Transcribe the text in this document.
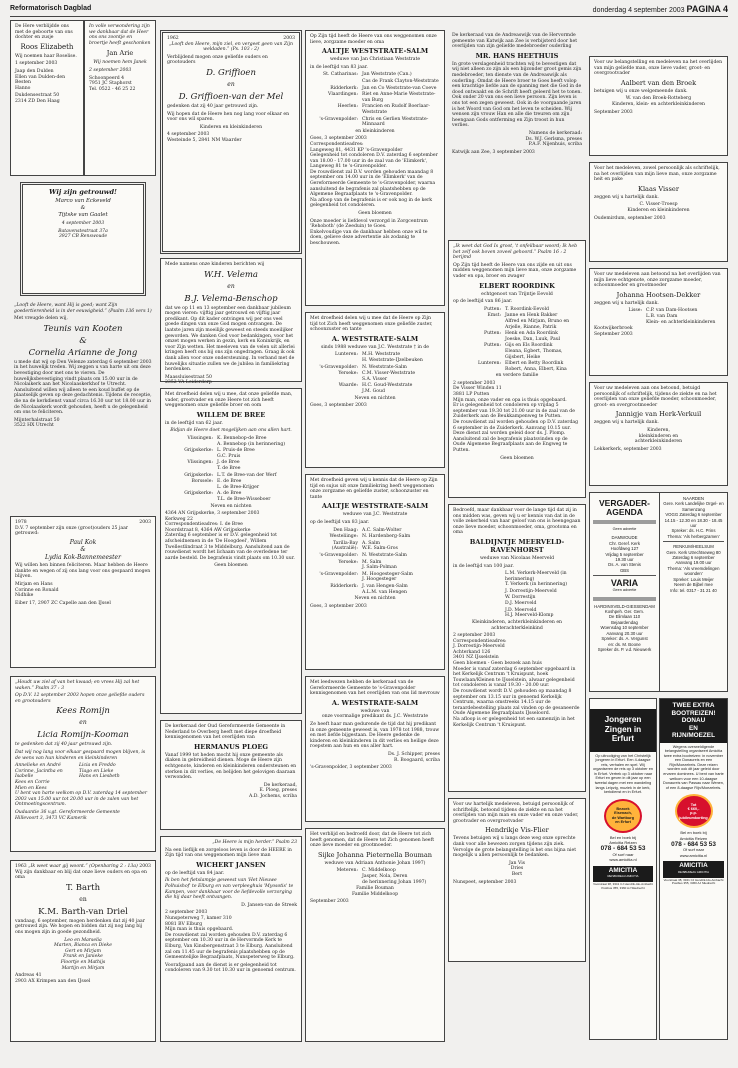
Reformatorisch Dagblad	donderdag 4 september 2003 PAGINA 4

De Here verblijdde ons met de geboorte van ons dochter en zusje

Roos Elizabeth

Wij noemen haar Roselise.

1 september 2003

Jaap den Dulden
Ellen van Dulden-den Besten
Hanno

Dukdensestraat 50
2314 ZD Den Haag

In volle verwondering zijn we dankbaar dat de Heer ons ons zoontje en broertje heeft geschonken

Jan Arie

Wij noemen hem Janek

2 september 2003

Schoonpeerd 4
7951 JC Staphorst
Tel. 0522 - 46 25 22

Wij zijn getrouwd!

Marco van Eckeveld
&
Tijtske van Gaalet

4 september 2003

Batavenstestraat 37a
3927 CB Renswoude

„Looft de Heere, want Hij is goed; want Zijn goedertierenheid is in der eeuwigheid.” (Psalm 136 vers 1)

Met vreugde delen wij,

Teunis van Kooten

&

Cornelia Arianne de Jong

u mede dat wij op Den Velenze zaterdag 6 september 2003 in het huwelijk treden. Wij zeggen u van harte uit om deze bevestiging door met ons te vieren. De huwelijksbevestiging vindt plaats om 15.00 uur in de Nicolaikerk aan het Nicolaaskerkhof te Utrecht. Aansluitend willen wij alleen te een koud buffet op de plaatselijk geven op deze gedachtenis. Tijdens de receptie, die na de kerkdienst vanaf circa 16.30 uur tot 18.00 uur in de Nicolaaskerk wordt gehouden, heeft u de gelegenheid om ons te feliciteren.

Mijnterhalstraat 50
3522 HX Utrecht

1978	2003

D.V. 7 september zijn onze (groot)ouders 25 jaar getrouwd:

Paul Kok
&
Lydia Kok-Bannemeester

Wij willen hen binnen feliciteren. Maar hebben de Heere dankte en wegen of zij ons lang voor ons gespaard mogen blijven.

Mirjam en Hans
Corinne en Ronald
Nidhike

Eiber 17, 2907 ZC Capelle aan den IJssel

„Houdt uw ziel af van het kwaad; en vrees Hij zal het waken.” Psalm 37 : 3

Op D.V. 12 september 2003 hopen onze geliefde ouders en grootouders

Kees Romijn

en

Licia Romijn-Kooman

te gedenken dat zij 40 jaar getrouwd zijn.

Dat wij nog lang voor elkaar gespaard mogen blijven, is de wens van hun kinderen en kleinkinderen

Annelieke en André
Corinne, Jacintha en Isabelle
Kees en Corrie
Mien en Kees
Licia en Freddo
Tiago en Lieke
Hans en Liesbeth

U bent van harte welkom op D.V. zaterdag 14 september 2003 van 15.00 uur tot 20.00 uur in de zalen van het Ontmoetingscentrum.

Oudaantie 36 v.gt. Gereformeerde Gemeente
Hillevoort 3, 3473 VC Kamerik

1963 „Ik weet waar gij woont.” (Openbaring 2 : 13a) 2003

Wij zijn dankbaar en blij dat onze lieve ouders en opa en oma

T. Barth

en

K.M. Barth-van Driel

vandaag, 6 september, mogen herdenken dat zij 40 jaar getrouwd zijn. We hopen en bidden dat zij nog lang bij ons mogen zijn in goede gezondheid.

Leo en Marselia
Marten, Bianca en Dieke
Gert en Mirjam
Frank en Janieke
Floortje en Mathijs
Martijn en Mirjam

Andreas 41
2903 AX Krimpen aan den IJssel

1962	2003

„Looft den Heere, mijn ziel, en vergeet geen van Zijn weldaden.” (Ps. 103 : 2)

Verblijdend mogen onze geliefde ouders en grootouders

D. Griffioen

en

D. Griffioen-van der Mel

gedenken dat zij 40 jaar getrouwd zijn.

Wij hopen dat de Heere hen nog lang voor elkaar en voor ons wil sparen.

Kinderen en kleinkinderen

4 september 2003
Westeinde 5, 2841 NM Waarder

Mede namens onze kinderen berichten wij

W.H. Velema

en

B.J. Velema-Benschop

dat we op 11 en 13 september een dankbaar jubileum mogen vieren: vijftig jaar getrouwd en vijftig jaar predikant. Op dit kader ontvingen wij per ons veel goede dingen van onze God mogen ontvangen. De laatste jaren zijn moeilijk geweest en steeds moeilijker geworden. We danken God voor bedankingen, voor het omzet mogen werken in gezin, kerk en Koninkrijk, en voor Zijn wetten. Het meeleven van de velen uit allerlei kringen heeft ons bij ons zijn ongedragen. Graag ik ook dank allen voor onze ondersteuning. In verband met de huwelijks situatie zullen we de jubilea in familiekring herdenken.

Maassluisestraat 50
2352 VA Leiderdorp

Met droefheid delen wij u mee, dat onze geliefde man, vader, grootvader en onze Heere tot zich heeft weggenomen onze geliefde broer en oom

WILLEM DE BREE

in de leeftijd van 62 jaar.

Bidjan de Heere doet mogelijken aan ons allen hart.

Vlissingen: K. Bennebop-de Bree
A. Bennebop (in herinnering)
Grijpskerke: L. Pruis-de Bree
G.C. Pruis
Vlissingen: J. de Bree
T. de Bree
Grijpskerke: L.T. de Bree-van der Werf
Borssele: E. de Bree
L. de Bree-Krijger
Grijpskerke: A. de Bree
T.L. de Bree-Wisseboer

Neven en nichten

4364 AN Grijpskerke, 3 september 2003
Kerkweg 22
Correspondentieadres: I. de Bree
Noordstraat 8, 4364 AW Grijpskerke
Zaterdag 6 september is er D.V. gelegenheid tot afscheidnemen in de 'De Hoogdeel', Willem Twellestlindraat 3 te Middelburg. Aansluitend aan de rouwdienst wordt het lichaam van de overledene ter aarde besteld. De begrafenis vindt plaats om 10.30 uur.

Geen bloemen

De kerkeraad der Oud Gereformeerde Gemeente in Nederland te Overberg heeft met diepe droefheid kennisgenomen van het overlijden van

HERMANUS PLOEG

Vanaf 1999 tot heden mocht hij onze gemeente als diaken in gebreidheid dienen. Moge de Heere zijn echtgenote, kinderen en kleinkinderen ondersteunen en sterken in dit verlies, en belijden het gelovigen daaraan verwonden.

De kerkeraad,
E. Ploeg, preses
A.D. Jochems, scriba

„De Heere is mijn herder.” Psalm 23

Na een lieflijk en zorgeloos leven is door de HEERE in Zijn tijd van ons weggenomen mijn lieve man

WICHERT JANSEN

op de leeftijd van 84 jaar.

Ik ben het fietslampje geweest van 'Het Nieuwe Polhuishof' te Elburg en van verpleeghuis 'Myosotis' te Kampen, voor dankbaar voor de liefdevolle verzorging die hij daar heeft ontvangen.

D. Jansen-van de Streek

2 september 2003
Nunspeterweg 7, kamer 310
8081 BV Elburg
Mijn man is thuis opgebaard.
De rouwdienst zal worden gehouden D.V. zaterdag 6 september om 10.30 uur in de Hervormde Kerk te Elburg, Van Kinsbergenstraat 3 te Elburg. Aansluitend zal om 11.45 uur de begrafenis plaatshebben op de Gemeentelijke Begraafplaats, Nunspeterweg te Elburg.

Voorafgaand aan de dienst is er gelegenheid tot condoleren van 9.30 tot 10.30 uur in genoemd centrum.

Op Zijn tijd heeft de Heere van ons weggenomen onze lieve, zorgzame moeder en oma

AALTJE WESTSTRATE-SALM

weduwe van Jan Christiaan Weststrate

in de leeftijd van 83 jaar.

St. Catharinas: Jan Weststrate (Can.)
Cas de Frank Clayton-Weststrate
Ridderkerk: Jan en Co Weststrate-van Coeve
Vlaardingen: Riet en Anne-Marie Weststrate-van Burg
Heerlen: Francien en Rudolf Boerlaar-Weststrate
's-Gravenpolder: Chris en Gerlien Weststrate-Minnaard

en kleinkinderen

Goes, 3 september 2003
Correspondentieadres:
Langeweg 81, 4431 KP 's-Gravenpolder
Gelegenheid tot condoleren D.V. zaterdag 6 september van 18.00 - 17.00 uur in de zaal van de 'Elimkerk', Langeweg 81 te 's-Gravenpolder.
De rouwdienst zal D.V. worden gehouden maandag 8 september om 14.00 uur in de 'Elimkerk' van de Gereformeerde Gemeente te 's-Gravenpolder, waarna aansluitend de begrafenis zal plaatshebben op de Algemene Begraafplaats te 's-Gravenpolder.
Na afloop van de begrafenis is er ook nog in de kerk gelegenheid tot condoleren.

Geen bloemen

Onze moeder is liefdevol verzorgd in Zorgcentrum 'Rehoboth' (de Zeeduin) te Goes.
Enkelvoudige van de dankbaar hebben onze wil te doen, gelieve deze advertentie als zodanig te beschouwen.

Met droefheid delen wij u mee dat de Heere op Zijn tijd tot Zich heeft weggenomen onze geliefde zuster, schoonzuster en tante

A. WESTSTRATE-SALM

sinds 1988 weduwe van J.C. Weststrate † in de

Lunteren: M.H. Weststrate
H. Weststrate-IJzelbeuken
's-Gravenpolder: N. Weststrate-Salm
Yerseke: C.M. Visser-Weststrate
S.A. Visser
Waarde: H.C. Goud-Weststrate
J.M. Goud

Neven en nichten

Goes, 3 september 2003

Met droefheid geven wij u kennis dat de Heere op Zijn tijd en sujus uit onze familiekring heeft weggenomen onze zorgzame en geliefde zuster, schoonzuster en tante

AALTJE WESTSTRATE-SALM

weduwe van J.C. Weststrate

op de leeftijd van 83 jaar.

Den Haag: A.C. Salm-Wolter
Westeliinge: N. Hardenberg-Salm
Tarilla-Bay (Australië):
A. Salm
W.E. Salm-Gros
's-Gravenpolder: N. Weststrate-Salm
Yerseke: M. Salm
J. Salm-Polman
's-Gravenpolder: M. Hoogesteger-Salm
J. Hoogesteger
Ridderkerk: J. van Hengen-Salm
A.L.M. van Hengen

Neven en nichten

Goes, 3 september 2003

Met leedwezen hebben de kerkeraad van de Gereformeerde Gemeente te 's-Gravenpolder kennisgenomen van het overlijden van ons lid mevrouw

A. WESTSTRATE-SALM

weduwe van
onze voormalige predikant ds. J.C. Weststrate

Ze heeft haar man gedurende de tijd dat hij predikant in onze gemeente geweest is, van 1978 tot 1988, trouw en met liefde bijgestaan. De Heere gedenke de kinderen en kleinkinderen in dit verlies en heilige deze roepstem aan hun en ons aller hart.

Ds. J. Schipper, preses
R. Boogaard, scriba

's-Gravenpolder, 3 september 2003

Het verblijd en bedroefd door, dat de Heere tot zich heeft genomen, dat de Heere tot Zich genomen heeft onze lieve moeder en grootmoeder.

Sijke Johanna Pieternella Bouman

weduwe van Adriaan Anthonie Johan 1997)

Meteren: C. Middelkoop
Jasper, Nola, Deren
de herinnering Johan 1997)

Familie Bouman
Familie Middelkoop

September 2003

De kerkeraad van de Andreaswijk van de Hervormde gemeente van Katwijk aan Zee is verbijsterd door het overlijden van zijn geliefde medebroeder ouderling

MR. HANS HEETHUIS

In grote verslagenheid trachten wij te bevestigen dat wij niet alleen zo zijn als een bijzonder groot gemis zijn medebroeder, ten dienste van de Andreaswijk als ouderling. Omdat de Heere broer te Goes heeft volop een krachtige liefde aan de spanning met die God in de dood ontwaakt en de Schrift heeft geleerd het te tonen. Ook onder 20 van ons een lieve persoon. Zijn leven is ons tot een zegen geweest. Ook in de voorgaande jaren is het Woord van God om het leven te scheiden. Wij wensen zijn vrouw Han en alle die treuren om zijn heengaan Gods ontferming en Zijn troost in hun verlies.

Namens de kerkeraad:
Ds. W.J. Gerlsma, preses
P.A.F. Nijenhuis, scriba

Katwijk aan Zee, 3 september 2003

„Ik weet dat God Is groot, 't onfeilbaar woord; Ik heb het zelf ook boven zoveel gehoord.” Psalm 16 : 2 berijmd

Op Zijn tijd heeft de Heere van ons zijde en uit ons midden weggenomen mijn lieve man, onze zorgzame vader en opa, broer en zwager

ELBERT ROORDINK

echtgenoot van Trijntje Eevold

op de leeftijd van 86 jaar.

Putten: T. Roordink-Eevold
Emst: Janne en Henk Bakker
Alfred en Mirjam, Bruno en Arjelle, Rianne, Patrik
Putten: Henk en Ada Roordink
Joeske, Dan, Luuk, Paul
Putten: Gijs en Els Roordink
Eleana, Egbert, Thomas, Gijsbert, Heike
Lunteren: Elbert en Betty Roordink
Robert, Anna, Elbert, Kina

en verdere familie

2 september 2003
De Visser Winden 11
3881 LP Putten
Mijn man, onze vader en opa is thuis opgebaard.
Er is gelegenheid tot condoleren op vrijdag 5 september van 19.30 tot 21.00 uur in de zaal van de Zuiderkerk aan de Beukkampenweg te Putten.
De rouwdienst zal worden gehouden op D.V. zaterdag 6 september in de Zuiderkerk. Aanvang 10.15 uur. Deze dienst zal worden geleid door ds. J. Plomp. Aansluitend zal de begrafenis plaatsvinden op de Oude Algemene Begraafplaats aan de Engweg te Putten.

Geen bloemen

Bedroefd, maar dankbaar voor de lange tijd dat zij in ons midden was, geven wij u er kennis van dat in de volle zekerheid van haar geloof van ons is heengegaan onze lieve moeder, schoonmoeder, oma, grootoma en oma

BALDIJNTJE MEERVELD-RAVENHORST

weduwe van Nicolaas Meerveld

in de leeftijd van 100 jaar.

L.M. Verkerk-Meerveld (in herinnering)
T. Verkerk (in herinnering)
J. Dorrestijn-Meerveld
W. Dorrestijn
D.J. Meerveld
J.D. Meerveld
H.J. Meerveld-Klomp

Kleinkinderen, achterkleinkinderen en achterachterkleinkind

2 september 2003
Correspondentieadres:
J. Dorrestijn-Meerveld
Achterkand 126
3401 NZ IJsselstein
Geen bloemen - Geen bezoek aan huis
Moeder is vanaf zaterdag 6 september opgebaard in het Kerkelijk Centrum 't Kruispunt, hoek Touwlaan/Kleinen te IJsselstein, alwaar gelegenheid tot condoleren is vanaf 19.30 - 20.00 uur.
De rouwdienst wordt D.V. gehouden op maandag 8 september om 13.15 uur in genoemd Kerkelijk Centrum, waarna omstreeks 14.15 uur de teraardebestelling plaats zal vinden op de gesaneerde Oude Algemene Begraafplaats IJsseloord.
Na afloop is er gelegenheid tot een samenzijn in het Kerkelijk Centrum 't Kruispunt.

Voor uw hartelijk medeleven, betuigd persoonlijk of schriftelijk, betoond tijdens de ziekte en na het overlijden van mijn man en onze vader en onze vader, grootvader en overgrootvader

Hendrikje Vis-Flier

Tevens betuigen wij u langs deze weg onze oprechte dank voor alle bewezen zorgen tijdens zijn ziek. Vervolge de grote belangstelling is het ons bijna niet mogelijk u allen persoonlijk te bedanken.

Jan Vis
Dries
Bert

Nunspeet, september 2003

Voor uw belangstelling en medeleven na het overlijden van mijn geliefde man, onze lieve vader, groot- en overgrootvader

Aalbert van den Broek

betuigen wij u onze welgemeende dank.

W. van den Broek-Rotteberg
Kinderen, klein- en achterkleinkinderen

September 2003

Voor het medeleven, zowel persoonlijk als schriftelijk, na het overlijden van mijn lieve man, onze zorgzame heit en pake

Klaas Visser

zeggen wij u hartelijk dank.

C. Visser-Troesp
Kinderen en kleinkinderen

Oudemirdum, september 2003

Voor uw medeleven aan betoond na het overlijden van mijn lieve echtgenote, onze zorgzame moeder, schoonmoeder en grootmoeder

Johanna Hootsen-Dekker

zeggen wij u hartelijk dank.

Lisse: C.P. van Dam-Hootsen
L.B. van Dam
Klein- en achterkleinkinderen

Kootwijkerbroek
September 2003

Voor uw medeleven aan ons betoond, betuigd persoonlijk of schriftelijk, tijdens de ziekte en na het overlijden van onze geliefde moeder, schoonmoeder, groot- en overgrootmoeder

Jannigje van Herk-Verkuil

zeggen wij u hartelijk dank.

Kinderen,
kleinkinderen en
achterkleinkinderen

Lekkerkerk, september 2003

VERGADER-
AGENDA
Geen advertie
DAMWOUDE
Chr. Geref. Kerk
Hoofdweg 127
Vrijdag 5 september
19.30 uur
Ds. A. van Stenis
GBS
VARIA
Geen advertie
HARDINXVELD-GIESSENDAM
Koshpeh. Ger. Gem.
De Elimlaan 110
Bejaardendag
Woensdag 10 september
Aanvang 20.30 uur
Spreker: ds. A. Vergunst
en: ds. M. Boone
Spreker ds. P. v.d. Nieuwerk
NAARDEN
Gere. Kerk Landelijke Orgel- en Samenzang
VOGG Zaterdag 6 september 14.15 - 12.30 en 18.30 - 18.45 uur
Spreker: ds. H.C. Prins
Thema: 'Als herbergzamen'
RENKUM/HEELSUM
Gere. Kerk Utrechtseweg 80
Zaterdag 6 september
Aanvang 19.00 uur
Thema: 'Als vreemdelingen woonden'
Spreker: Louis Meijer
Neem de Bijbel mee
Info: tel. 0317 - 31 21 40
Jongeren
Zingen in
Erfurt
Op uitnodiging van het Christelijk jongeren in Erfurt. Een 4-daagse reis, verhalen en spel. Wij organiseren de reis op 3 oktober en in Erfurt. Vertrek op 3 oktober naar Erfurt en geven in dit jaar op een tweetal dagen met een wandeling langs Leipzig, muziek in de kerk, kerkdienst en in Erfurt.
Bezoek
Eisenach,
de Wartburg
en Erfurt
Bel en boek bij
Amicitia Reizen
078 - 684 53 53
Of surf naar
www.amicitia.nl
AMICITIA
REISBUREAU AMICITIA
Voorstraat 38, 3341 CJ Hendrik-Ido-Ambacht
Postbus 355, 3360 AJ Sliedrecht
TWEE EXTRA
BOOTREIZEN!
DONAU
EN
RIJN/MOEZEL
Wegens overweldigende belangstelling organiseert Amicitia twee extra bootreizen: in november een Donaureis en een Rijn/Moezelreis. Deze reizen worden ook dit jaar geleid door ervaren dominees. U bent van harte welkom voor een 10-daagse Donaureis van Passau naar Wenen, of een 8-daagse Rijn/Moezelreis.
Tot
€ 660,-
p.p. jubileumkorting
Bel en boek bij
Amicitia Reizen
078 - 684 53 53
Of surf naar
www.amicitia.nl
AMICITIA
REISBUREAU AMICITIA
Voorstraat 38, 3341 CJ Hendrik-Ido-Ambacht
Postbus 355, 3360 AJ Sliedrecht
